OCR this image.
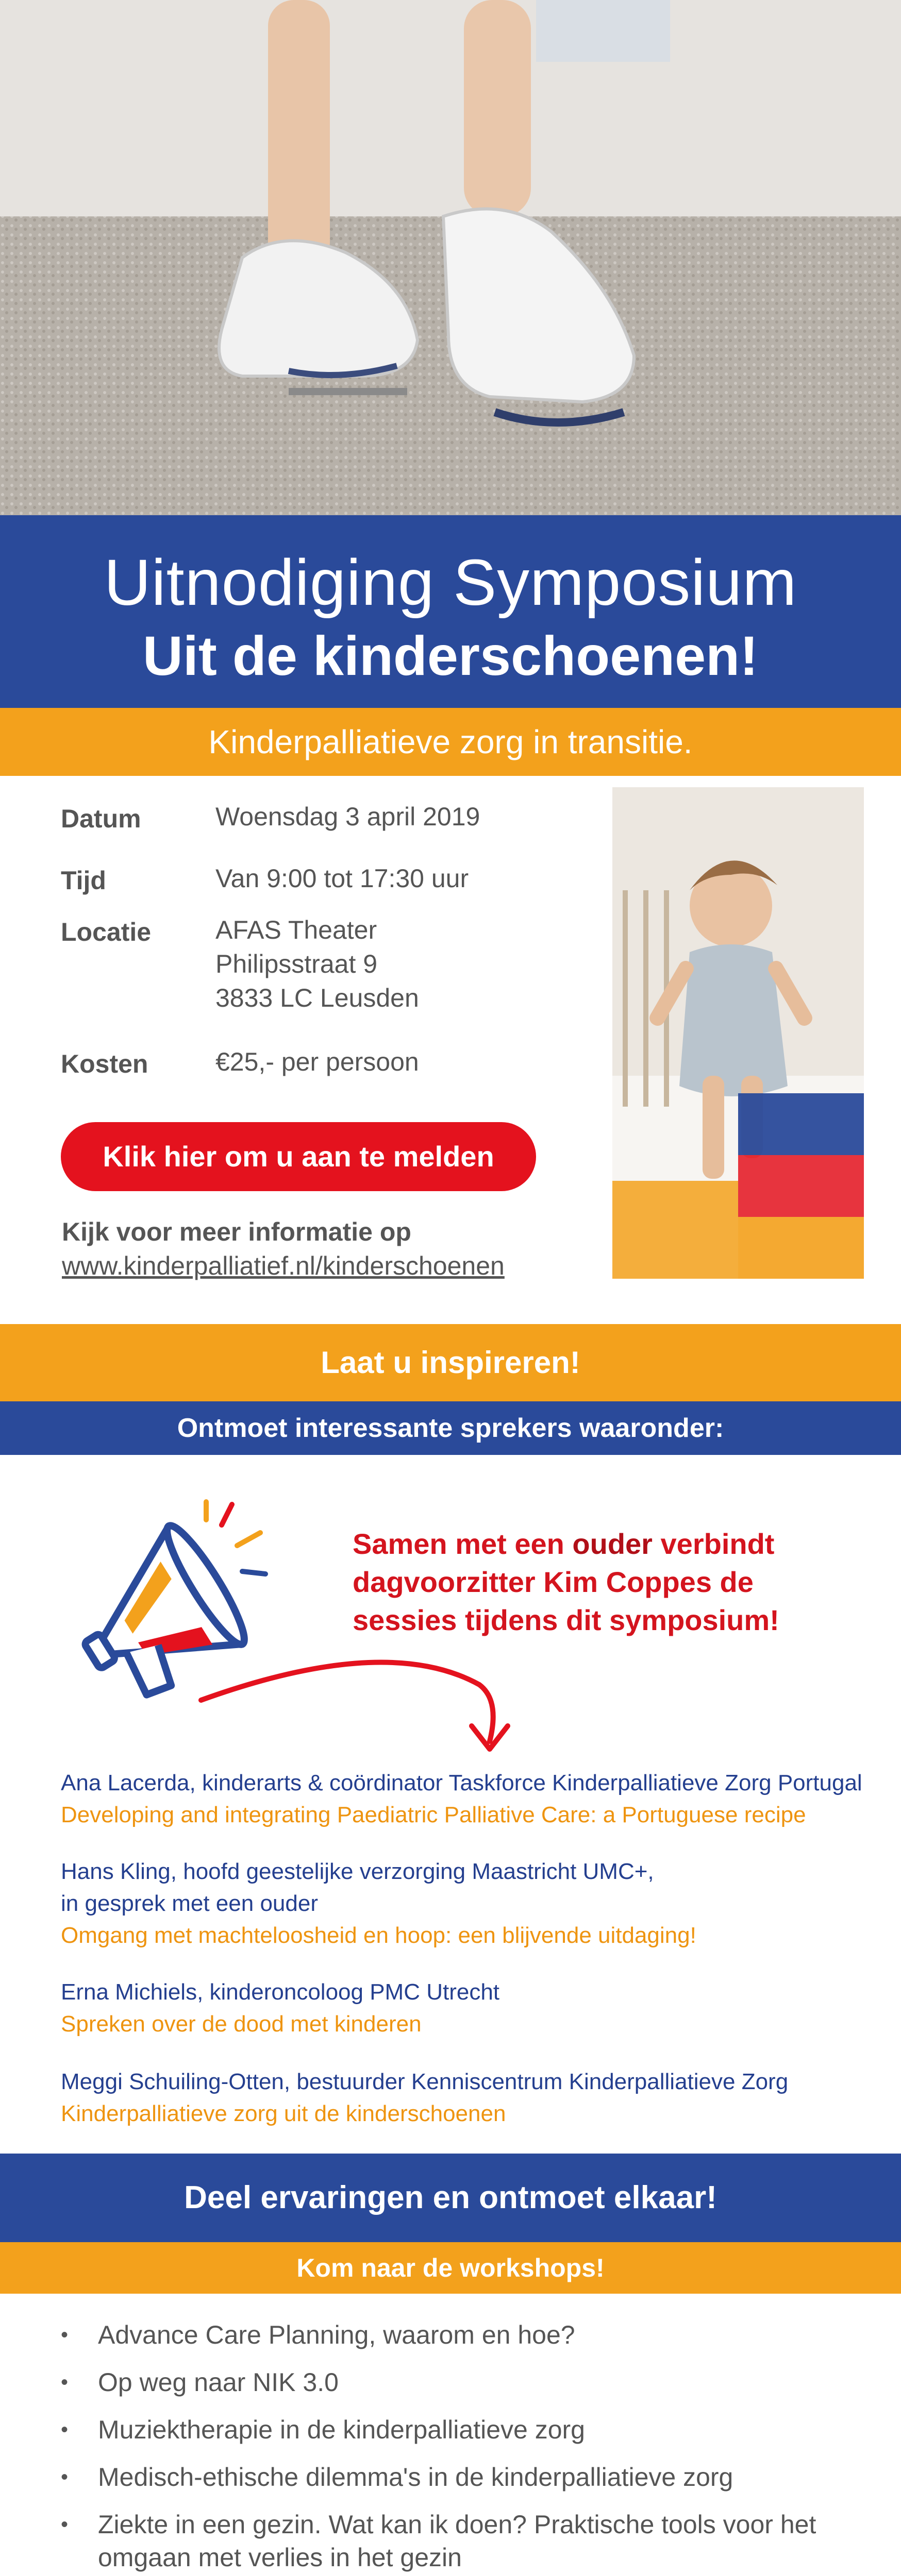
Uitnodiging Symposium
Uit de kinderschoenen!
Kinderpalliatieve zorg in transitie.
Datum	Woensdag 3 april 2019
Tijd	Van 9:00 tot 17:30 uur
Locatie AFAS Theater
Philipsstraat 9
3833 LC Leusden
Kosten	€25,- per persoon
Klik hier om u aan te melden
Kijk voor meer informatie op
www.kinderpalliatief.nl/kinderschoenen
Laat u inspireren!
Ontmoet interessante sprekers waaronder:
Samen met een ouder verbindt dagvoorzitter Kim Coppes de sessies tijdens dit symposium!
Ana Lacerda, kinderarts & coördinator Taskforce Kinderpalliatieve Zorg Portugal
Developing and integrating Paediatric Palliative Care: a Portuguese recipe
Hans Kling, hoofd geestelijke verzorging Maastricht UMC+,
in gesprek met een ouder
Omgang met machteloosheid en hoop: een blijvende uitdaging!
Erna Michiels, kinderoncoloog PMC Utrecht
Spreken over de dood met kinderen
Meggi Schuiling-Otten, bestuurder Kenniscentrum Kinderpalliatieve Zorg
Kinderpalliatieve zorg uit de kinderschoenen
Deel ervaringen en ontmoet elkaar!
Kom naar de workshops!
• Advance Care Planning, waarom en hoe?
• Op weg naar NIK 3.0
• Muziektherapie in de kinderpalliatieve zorg
• Medisch-ethische dilemma's in de kinderpalliatieve zorg
• Ziekte in een gezin. Wat kan ik doen? Praktische tools voor het
omgaan met verlies in het gezin
